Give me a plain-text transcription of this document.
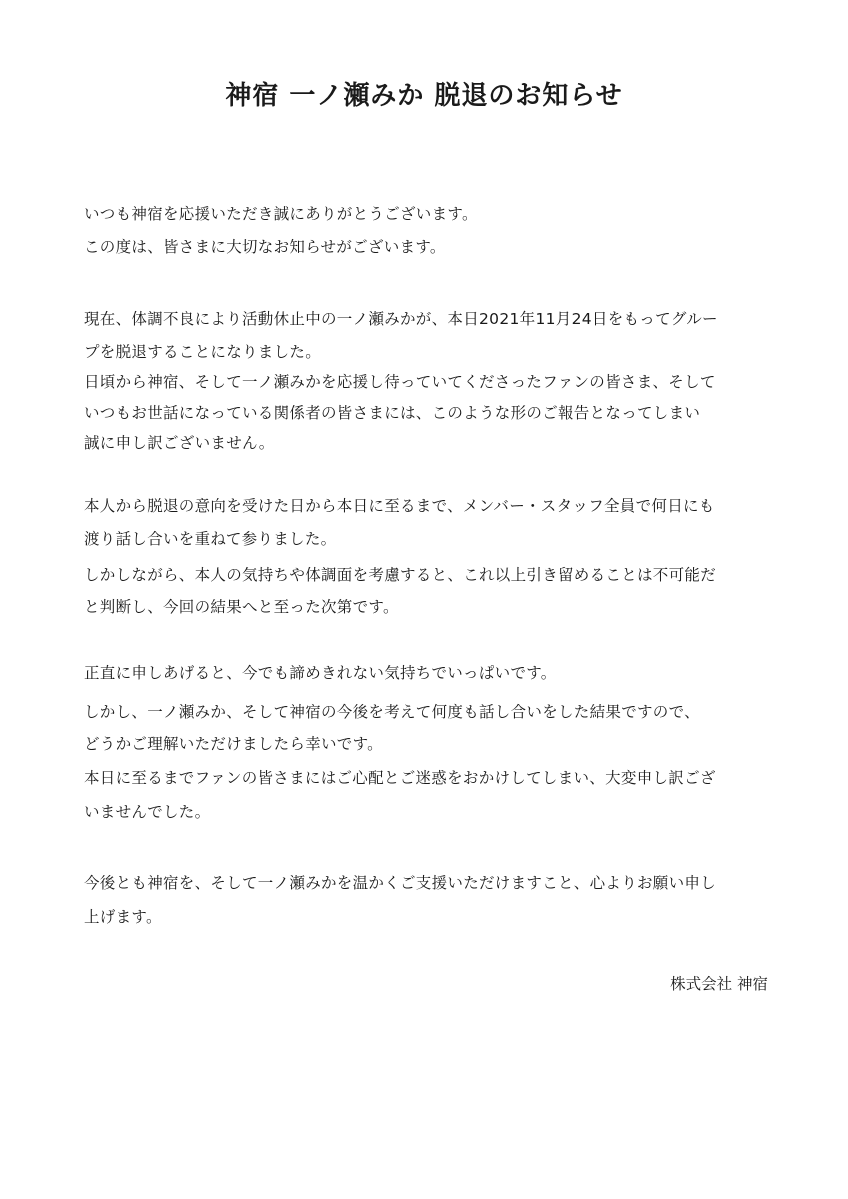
神宿 一ノ瀬みか 脱退のお知らせ
いつも神宿を応援いただき誠にありがとうございます。
この度は、皆さまに大切なお知らせがございます。
現在、体調不良により活動休止中の一ノ瀬みかが、本日2021年11月24日をもってグルー
プを脱退することになりました。
日頃から神宿、そして一ノ瀬みかを応援し待っていてくださったファンの皆さま、そして
いつもお世話になっている関係者の皆さまには、このような形のご報告となってしまい
誠に申し訳ございません。
本人から脱退の意向を受けた日から本日に至るまで、メンバー・スタッフ全員で何日にも
渡り話し合いを重ねて参りました。
しかしながら、本人の気持ちや体調面を考慮すると、これ以上引き留めることは不可能だ
と判断し、今回の結果へと至った次第です。
正直に申しあげると、今でも諦めきれない気持ちでいっぱいです。
しかし、一ノ瀬みか、そして神宿の今後を考えて何度も話し合いをした結果ですので、
どうかご理解いただけましたら幸いです。
本日に至るまでファンの皆さまにはご心配とご迷惑をおかけしてしまい、大変申し訳ござ
いませんでした。
今後とも神宿を、そして一ノ瀬みかを温かくご支援いただけますこと、心よりお願い申し
上げます。
株式会社 神宿
